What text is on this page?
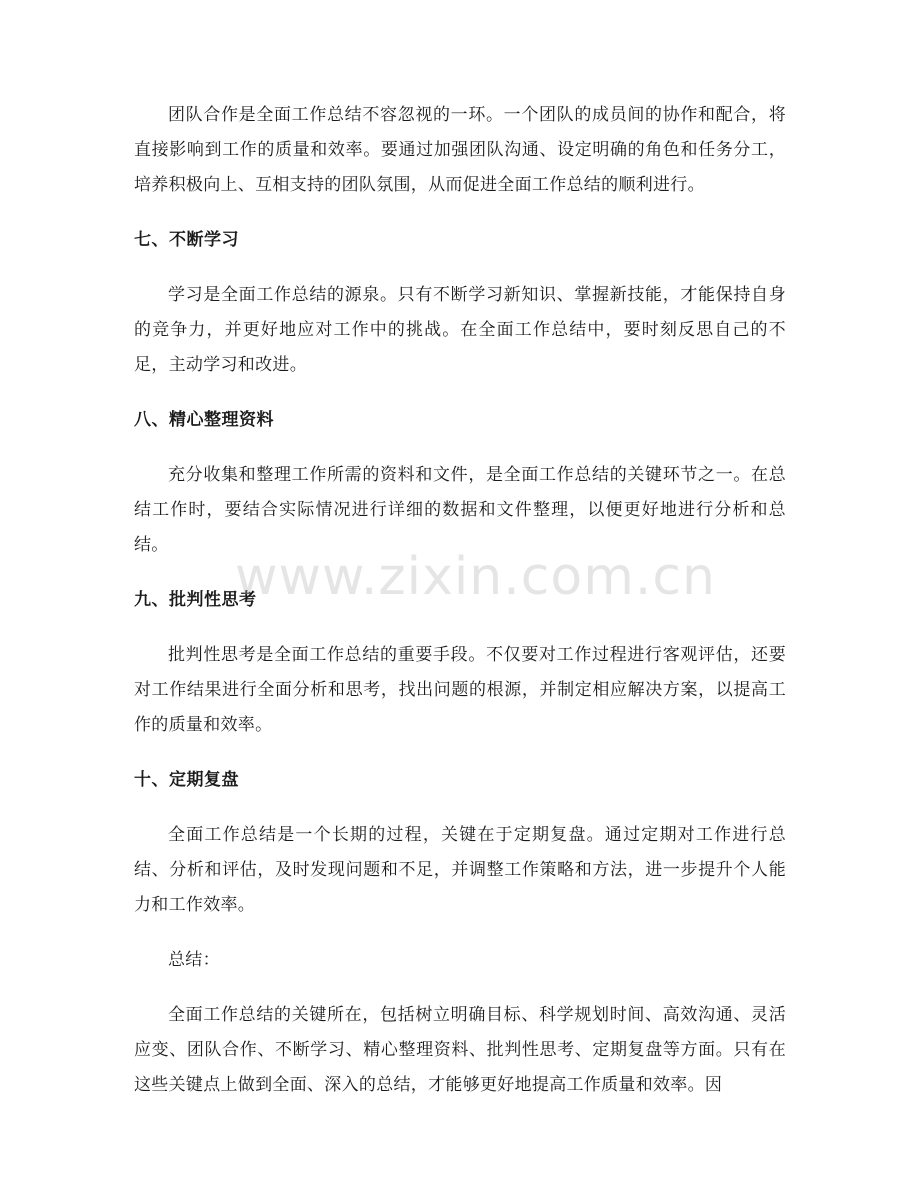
团队合作是全面工作总结不容忽视的一环。一个团队的成员间的协作和配合，将直接影响到工作的质量和效率。要通过加强团队沟通、设定明确的角色和任务分工，培养积极向上、互相支持的团队氛围，从而促进全面工作总结的顺利进行。

七、不断学习

学习是全面工作总结的源泉。只有不断学习新知识、掌握新技能，才能保持自身的竞争力，并更好地应对工作中的挑战。在全面工作总结中，要时刻反思自己的不足，主动学习和改进。

八、精心整理资料

充分收集和整理工作所需的资料和文件，是全面工作总结的关键环节之一。在总结工作时，要结合实际情况进行详细的数据和文件整理，以便更好地进行分析和总结。

九、批判性思考

批判性思考是全面工作总结的重要手段。不仅要对工作过程进行客观评估，还要对工作结果进行全面分析和思考，找出问题的根源，并制定相应解决方案，以提高工作的质量和效率。

十、定期复盘

全面工作总结是一个长期的过程，关键在于定期复盘。通过定期对工作进行总结、分析和评估，及时发现问题和不足，并调整工作策略和方法，进一步提升个人能力和工作效率。

总结：

全面工作总结的关键所在，包括树立明确目标、科学规划时间、高效沟通、灵活应变、团队合作、不断学习、精心整理资料、批判性思考、定期复盘等方面。只有在这些关键点上做到全面、深入的总结，才能够更好地提高工作质量和效率。因

www.zixin.com.cn
